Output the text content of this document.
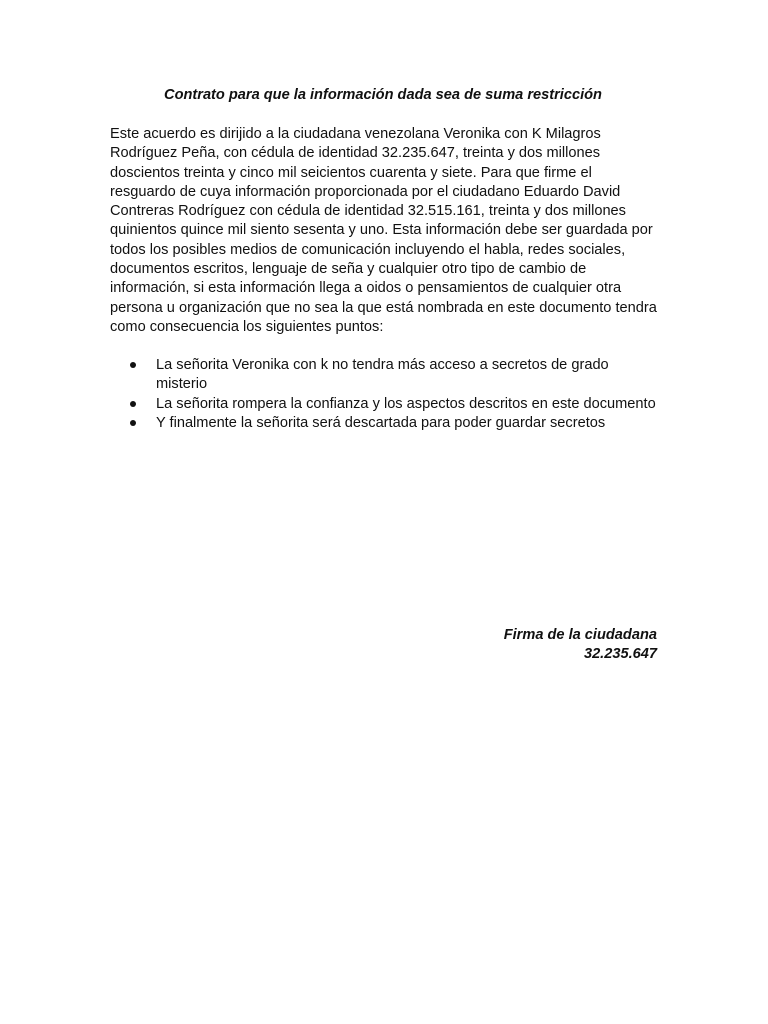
Contrato para que la información dada sea de suma restricción

Este acuerdo es dirijido a la ciudadana venezolana Veronika con K Milagros Rodríguez Peña, con cédula de identidad 32.235.647, treinta y dos millones doscientos treinta y cinco mil seicientos cuarenta y siete. Para que firme el resguardo de cuya información proporcionada por el ciudadano Eduardo David Contreras Rodríguez con cédula de identidad 32.515.161, treinta y dos millones quinientos quince mil siento sesenta y uno. Esta información debe ser guardada por todos los posibles medios de comunicación incluyendo el habla, redes sociales, documentos escritos, lenguaje de seña y cualquier otro tipo de cambio de información, si esta información llega a oidos o pensamientos de cualquier otra persona u organización que no sea la que está nombrada en este documento tendra como consecuencia los siguientes puntos:

La señorita Veronika con k no tendra más acceso a secretos de grado misterio
La señorita rompera la confianza y los aspectos descritos en este documento
Y finalmente la señorita será descartada para poder guardar secretos
Firma de la ciudadana
32.235.647
